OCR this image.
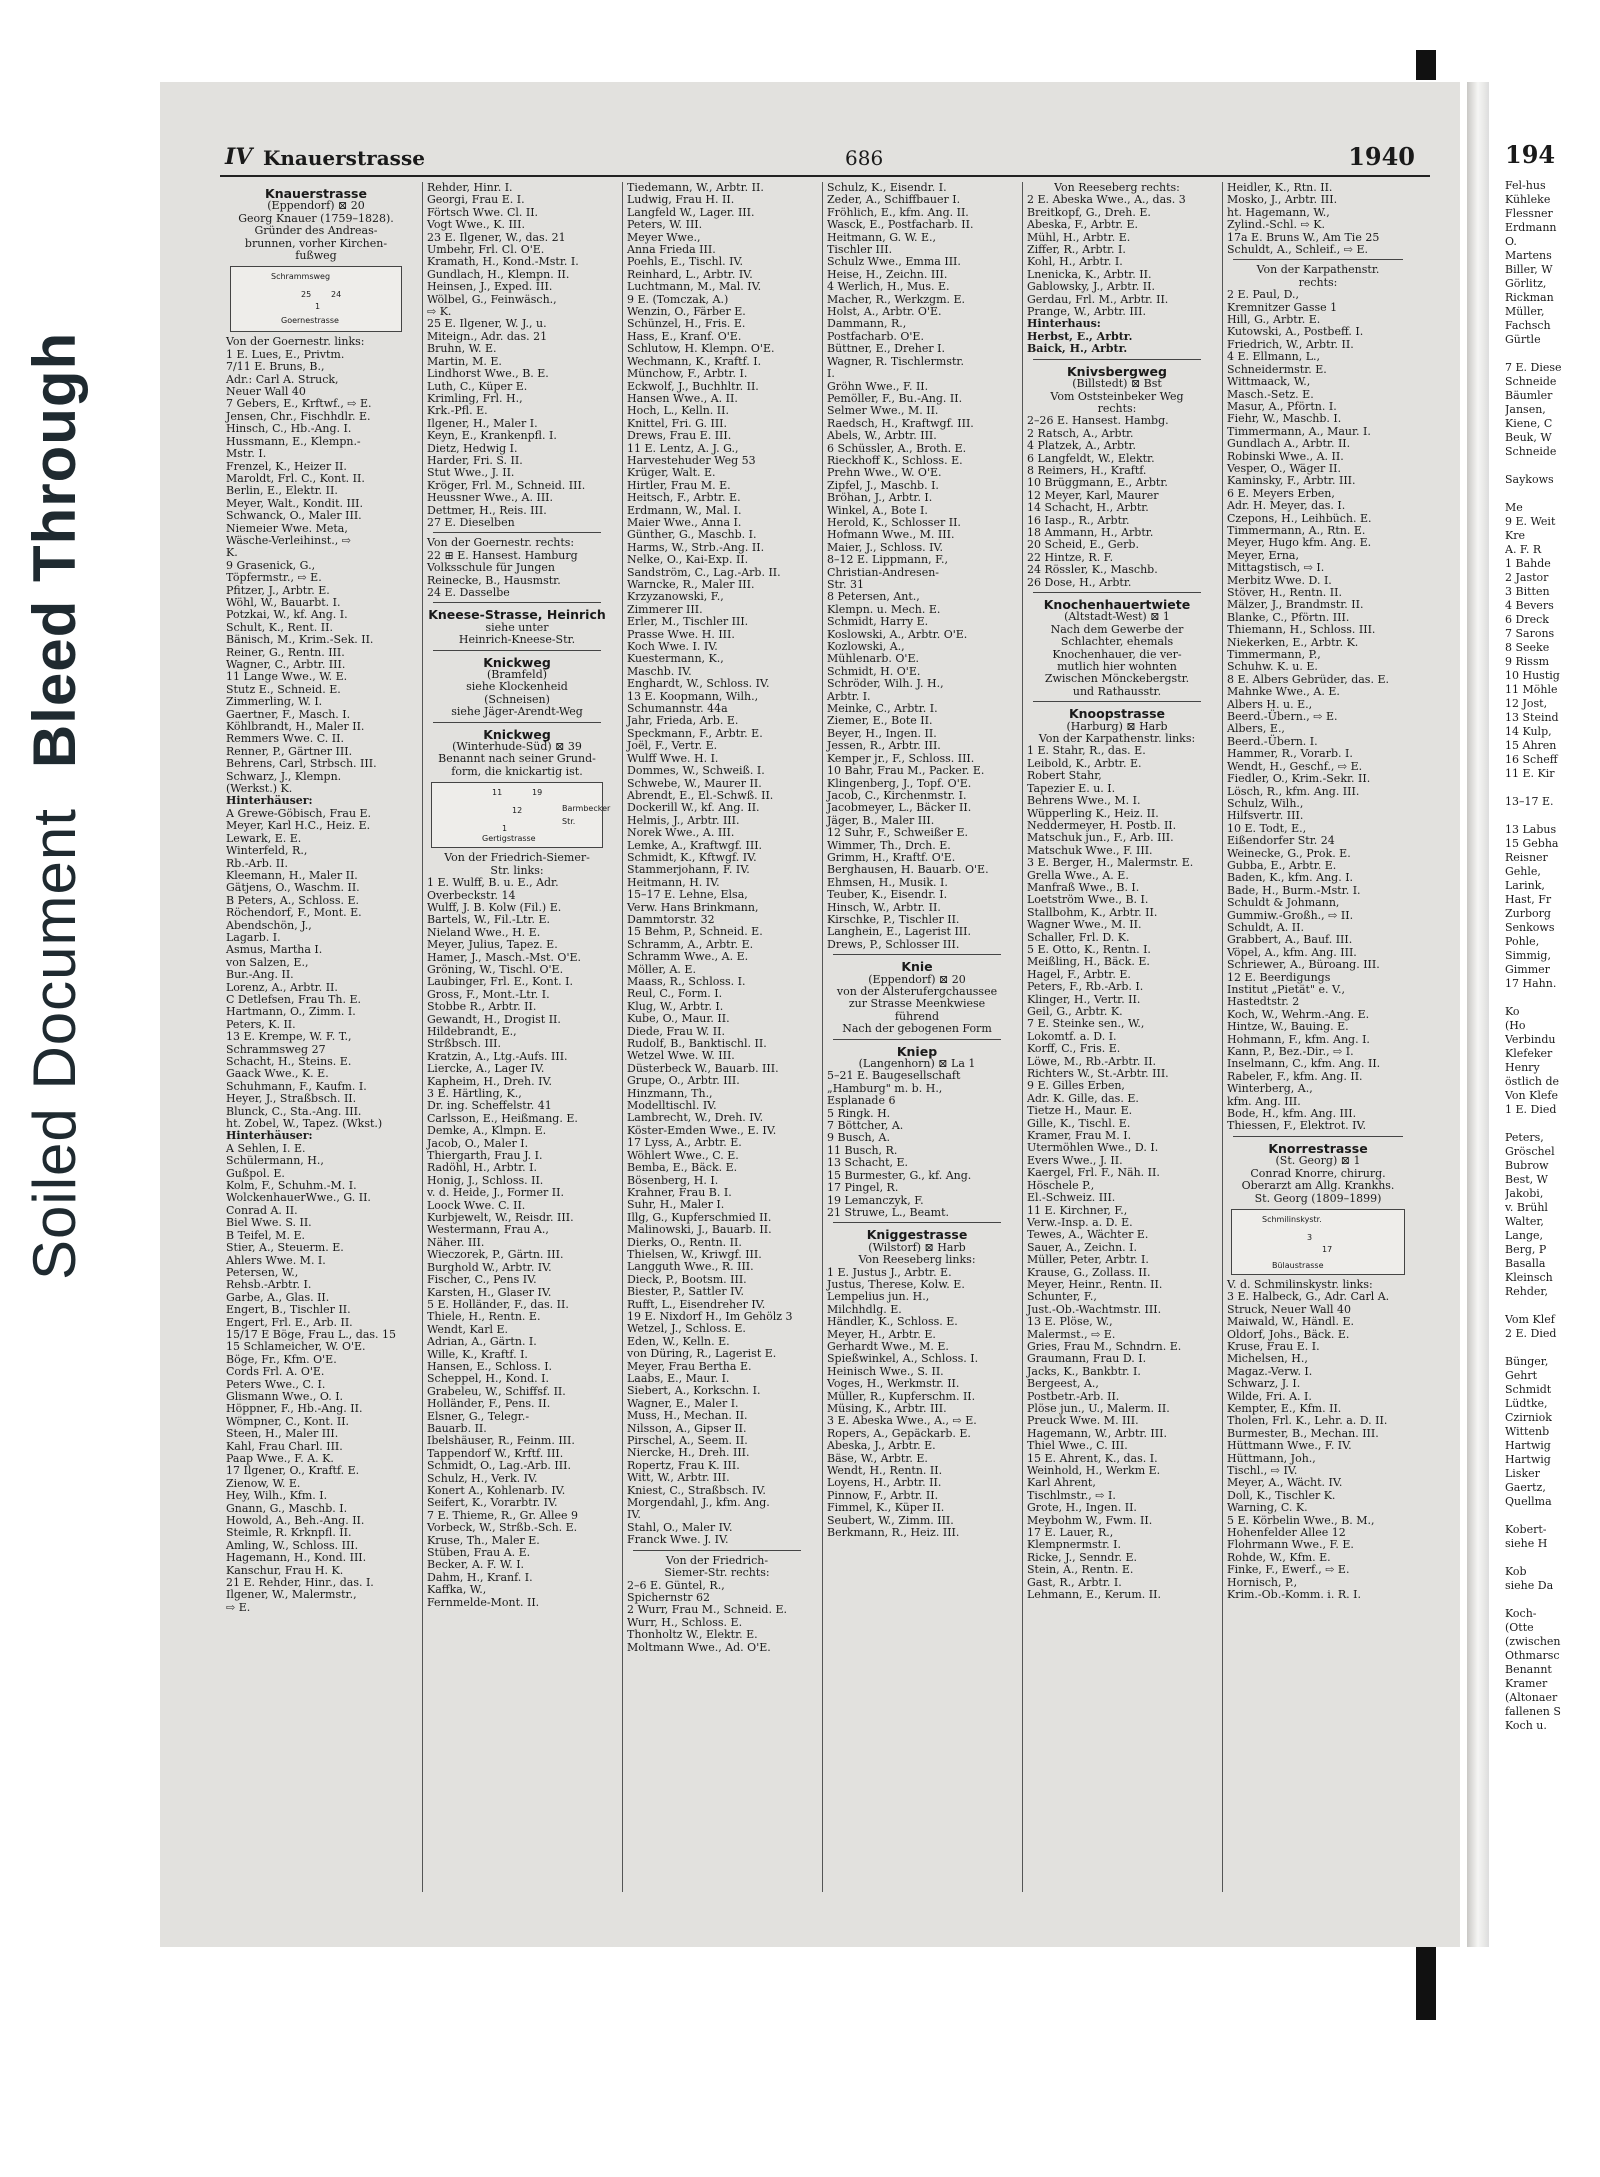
Soiled DocumentBleed Through
IV Knauerstrasse	686	1940
Knauerstrasse
(Eppendorf) ⊠ 20
Georg Knauer (1759–1828).
Gründer des Andreas-
brunnen, vorher Kirchen-
fußweg
Schrammsweg
Goernestrasse
25 24
1
Von der Goernestr. links:
1 E. Lues, E., Privtm.
7/11 E. Bruns, B.,
Adr.: Carl A. Struck,
Neuer Wall 40
7 Gebers, E., Krftwf., ⇨ E.
Jensen, Chr., Fischhdlr. E.
Hinsch, C., Hb.-Ang. I.
Hussmann, E., Klempn.-
Mstr. I.
Frenzel, K., Heizer II.
Maroldt, Frl. C., Kont. II.
Berlin, E., Elektr. II.
Meyer, Walt., Kondit. III.
Schwanck, O., Maler III.
Niemeier Wwe. Meta,
Wäsche-Verleihinst., ⇨
K.
9 Grasenick, G.,
Töpfermstr., ⇨ E.
Pfitzer, J., Arbtr. E.
Wöhl, W., Bauarbt. I.
Potzkai, W., kf. Ang. I.
Schult, K., Rent. II.
Bänisch, M., Krim.-Sek. II.
Reiner, G., Rentn. III.
Wagner, C., Arbtr. III.
11 Lange Wwe., W. E.
Stutz E., Schneid. E.
Zimmerling, W. I.
Gaertner, F., Masch. I.
Köhlbrandt, H., Maler II.
Remmers Wwe. C. II.
Renner, P., Gärtner III.
Behrens, Carl, Strbsch. III.
Schwarz, J., Klempn.
(Werkst.) K.
Hinterhäuser:
A Grewe-Göbisch, Frau E.
Meyer, Karl H.C., Heiz. E.
Lewark, E. E.
Winterfeld, R.,
Rb.-Arb. II.
Kleemann, H., Maler II.
Gätjens, O., Waschm. II.
B Peters, A., Schloss. E.
Röchendorf, F., Mont. E.
Abendschön, J.,
Lagarb. I.
Asmus, Martha I.
von Salzen, E.,
Bur.-Ang. II.
Lorenz, A., Arbtr. II.
C Detlefsen, Frau Th. E.
Hartmann, O., Zimm. I.
Peters, K. II.
13 E. Krempe, W. F. T.,
Schrammsweg 27
Schacht, H., Steins. E.
Gaack Wwe., K. E.
Schuhmann, F., Kaufm. I.
Heyer, J., Straßbsch. II.
Blunck, C., Sta.-Ang. III.
ht. Zobel, W., Tapez. (Wkst.)
Hinterhäuser:
A Sehlen, I. E.
Schülermann, H.,
Gußpol. E.
Kolm, F., Schuhm.-M. I.
WolckenhauerWwe., G. II.
Conrad A. II.
Biel Wwe. S. II.
B Teifel, M. E.
Stier, A., Steuerm. E.
Ahlers Wwe. M. I.
Petersen, W.,
Rehsb.-Arbtr. I.
Garbe, A., Glas. II.
Engert, B., Tischler II.
Engert, Frl. E., Arb. II.
15/17 E Böge, Frau L., das. 15
15 Schlameicher, W. O'E.
Böge, Fr., Kfm. O'E.
Cords Frl. A. O'E.
Peters Wwe., C. I.
Glismann Wwe., O. I.
Höppner, F., Hb.-Ang. II.
Wömpner, C., Kont. II.
Steen, H., Maler III.
Kahl, Frau Charl. III.
Paap Wwe., F. A. K.
17 Ilgener, O., Kraftf. E.
Zienow, W. E.
Hey, Wilh., Kfm. I.
Gnann, G., Maschb. I.
Howold, A., Beh.-Ang. II.
Steimle, R. Krknpfl. II.
Amling, W., Schloss. III.
Hagemann, H., Kond. III.
Kanschur, Frau H. K.
21 E. Rehder, Hinr., das. I.
Ilgener, W., Malermstr.,
⇨ E.
Rehder, Hinr. I.
Georgi, Frau E. I.
Förtsch Wwe. Cl. II.
Vogt Wwe., K. III.
23 E. Ilgener, W., das. 21
Umbehr, Frl. Cl. O'E.
Kramath, H., Kond.-Mstr. I.
Gundlach, H., Klempn. II.
Heinsen, J., Exped. III.
Wölbel, G., Feinwäsch.,
⇨ K.
25 E. Ilgener, W. J., u.
Miteign., Adr. das. 21
Bruhn, W. E.
Martin, M. E.
Lindhorst Wwe., B. E.
Luth, C., Küper E.
Krimling, Frl. H.,
Krk.-Pfl. E.
Ilgener, H., Maler I.
Keyn, E., Krankenpfl. I.
Dietz, Hedwig I.
Harder, Fri. S. II.
Stut Wwe., J. II.
Kröger, Frl. M., Schneid. III.
Heussner Wwe., A. III.
Dettmer, H., Reis. III.
27 E. Dieselben
Von der Goernestr. rechts:
22 ⊞ E. Hansest. Hamburg
Volksschule für Jungen
Reinecke, B., Hausmstr.
24 E. Dasselbe
Kneese-Strasse, Heinrich
siehe unter
Heinrich-Kneese-Str.
Knickweg
(Bramfeld)
siehe Klockenheid
(Schneisen)
siehe Jäger-Arendt-Weg
Knickweg
(Winterhude-Süd) ⊠ 39
Benannt nach seiner Grund-
form, die knickartig ist.
11	19
12	Barmbecker Str.
1
Gertigstrasse
Von der Friedrich-Siemer-
Str. links:
1 E. Wulff, B. u. E., Adr.
Overbeckstr. 14
Wulff, J. B. Kolw (Fil.) E.
Bartels, W., Fil.-Ltr. E.
Nieland Wwe., H. E.
Meyer, Julius, Tapez. E.
Hamer, J., Masch.-Mst. O'E.
Gröning, W., Tischl. O'E.
Laubinger, Frl. E., Kont. I.
Gross, F., Mont.-Ltr. I.
Stobbe R., Arbtr. II.
Gewandt, H., Drogist II.
Hildebrandt, E.,
Strßbsch. III.
Kratzin, A., Ltg.-Aufs. III.
Liercke, A., Lager IV.
Kapheim, H., Dreh. IV.
3 E. Härtling, K.,
Dr. ing. Scheffelstr. 41
Carlsson, E., Heißmang. E.
Demke, A., Klmpn. E.
Jacob, O., Maler I.
Thiergarth, Frau J. I.
Radöhl, H., Arbtr. I.
Honig, J., Schloss. II.
v. d. Heide, J., Former II.
Loock Wwe. C. II.
Kurbjewelt, W., Reisdr. III.
Westermann, Frau A.,
Näher. III.
Wieczorek, P., Gärtn. III.
Burghold W., Arbtr. IV.
Fischer, C., Pens IV.
Karsten, H., Glaser IV.
5 E. Holländer, F., das. II.
Thiele, H., Rentn. E.
Wendt, Karl E.
Adrian, A., Gärtn. I.
Wille, K., Kraftf. I.
Hansen, E., Schloss. I.
Scheppel, H., Kond. I.
Grabeleu, W., Schiffsf. II.
Holländer, F., Pens. II.
Elsner, G., Telegr.-
Bauarb. II.
Ibelshäuser, R., Feinm. III.
Tappendorf W., Krftf. III.
Schmidt, O., Lag.-Arb. III.
Schulz, H., Verk. IV.
Konert A., Kohlenarb. IV.
Seifert, K., Vorarbtr. IV.
7 E. Thieme, R., Gr. Allee 9
Vorbeck, W., Strßb.-Sch. E.
Kruse, Th., Maler E.
Stüben, Frau A. E.
Becker, A. F. W. I.
Dahm, H., Kranf. I.
Kaffka, W.,
Fernmelde-Mont. II.
Tiedemann, W., Arbtr. II.
Ludwig, Frau H. II.
Langfeld W., Lager. III.
Peters, W. III.
Meyer Wwe.,
Anna Frieda III.
Poehls, E., Tischl. IV.
Reinhard, L., Arbtr. IV.
Luchtmann, M., Mal. IV.
9 E. (Tomczak, A.)
Wenzin, O., Färber E.
Schünzel, H., Fris. E.
Hass, E., Kranf. O'E.
Schlutow, H. Klempn. O'E.
Wechmann, K., Kraftf. I.
Münchow, F., Arbtr. I.
Eckwolf, J., Buchhltr. II.
Hansen Wwe., A. II.
Hoch, L., Kelln. II.
Knittel, Fri. G. III.
Drews, Frau E. III.
11 E. Lentz, A. J. G.,
Harvestehuder Weg 53
Krüger, Walt. E.
Hirtler, Frau M. E.
Heitsch, F., Arbtr. E.
Erdmann, W., Mal. I.
Maier Wwe., Anna I.
Günther, G., Maschb. I.
Harms, W., Strb.-Ang. II.
Nelke, O., Kai-Exp. II.
Sandström, C., Lag.-Arb. II.
Warncke, R., Maler III.
Krzyzanowski, F.,
Zimmerer III.
Erler, M., Tischler III.
Prasse Wwe. H. III.
Koch Wwe. I. IV.
Kuestermann, K.,
Maschb. IV.
Enghardt, W., Schloss. IV.
13 E. Koopmann, Wilh.,
Schumannstr. 44a
Jahr, Frieda, Arb. E.
Speckmann, F., Arbtr. E.
Joël, F., Vertr. E.
Wulff Wwe. H. I.
Dommes, W., Schweiß. I.
Schwebe, W., Maurer II.
Abrendt, E., El.-Schwß. II.
Dockerill W., kf. Ang. II.
Helmis, J., Arbtr. III.
Norek Wwe., A. III.
Lemke, A., Kraftwgf. III.
Schmidt, K., Kftwgf. IV.
Stammerjohann, F. IV.
Heitmann, H. IV.
15–17 E. Lehne, Elsa,
Verw. Hans Brinkmann,
Dammtorstr. 32
15 Behm, P., Schneid. E.
Schramm, A., Arbtr. E.
Schramm Wwe., A. E.
Möller, A. E.
Maass, R., Schloss. I.
Reul, C., Form. I.
Klug, W., Arbtr. I.
Kube, O., Maur. II.
Diede, Frau W. II.
Rudolf, B., Banktischl. II.
Wetzel Wwe. W. III.
Düsterbeck W., Bauarb. III.
Grupe, O., Arbtr. III.
Hinzmann, Th.,
Modelltischl. IV.
Lambrecht, W., Dreh. IV.
Köster-Emden Wwe., E. IV.
17 Lyss, A., Arbtr. E.
Wöhlert Wwe., C. E.
Bemba, E., Bäck. E.
Bösenberg, H. I.
Krahner, Frau B. I.
Suhr, H., Maler I.
Illg, G., Kupferschmied II.
Malinowski, J., Bauarb. II.
Dierks, O., Rentn. II.
Thielsen, W., Kriwgf. III.
Langguth Wwe., R. III.
Dieck, P., Bootsm. III.
Biester, P., Sattler IV.
Rufft, L., Eisendreher IV.
19 E. Nixdorf H., Im Gehölz 3
Wetzel, J., Schloss. E.
Eden, W., Kelln. E.
von Düring, R., Lagerist E.
Meyer, Frau Bertha E.
Laabs, E., Maur. I.
Siebert, A., Korkschn. I.
Wagner, E., Maler I.
Muss, H., Mechan. II.
Nilsson, A., Gipser II.
Pirschel, A., Seem. II.
Niercke, H., Dreh. III.
Ropertz, Frau K. III.
Witt, W., Arbtr. III.
Kniest, C., Straßbsch. IV.
Morgendahl, J., kfm. Ang.
IV.
Stahl, O., Maler IV.
Franck Wwe. J. IV.
Von der Friedrich-
Siemer-Str. rechts:
2–6 E. Güntel, R.,
Spichernstr 62
2 Wurr, Frau M., Schneid. E.
Wurr, H., Schloss. E.
Thonholtz W., Elektr. E.
Moltmann Wwe., Ad. O'E.
Schulz, K., Eisendr. I.
Zeder, A., Schiffbauer I.
Fröhlich, E., kfm. Ang. II.
Wasck, E., Postfacharb. II.
Heitmann, G. W. E.,
Tischler III.
Schulz Wwe., Emma III.
Heise, H., Zeichn. III.
4 Werlich, H., Mus. E.
Macher, R., Werkzgm. E.
Holst, A., Arbtr. O'E.
Dammann, R.,
Postfacharb. O'E.
Büttner, E., Dreher I.
Wagner, R. Tischlermstr.
I.
Gröhn Wwe., F. II.
Pemöller, F., Bu.-Ang. II.
Selmer Wwe., M. II.
Raedsch, H., Kraftwgf. III.
Abels, W., Arbtr. III.
6 Schüssler, A., Broth. E.
Rieckhoff K., Schloss. E.
Prehn Wwe., W. O'E.
Zipfel, J., Maschb. I.
Bröhan, J., Arbtr. I.
Winkel, A., Bote I.
Herold, K., Schlosser II.
Hofmann Wwe., M. III.
Maier, J., Schloss. IV.
8–12 E. Lippmann, F.,
Christian-Andresen-
Str. 31
8 Petersen, Ant.,
Klempn. u. Mech. E.
Schmidt, Harry E.
Koslowski, A., Arbtr. O'E.
Kozlowski, A.,
Mühlenarb. O'E.
Schmidt, H. O'E.
Schröder, Wilh. J. H.,
Arbtr. I.
Meinke, C., Arbtr. I.
Ziemer, E., Bote II.
Beyer, H., Ingen. II.
Jessen, R., Arbtr. III.
Kemper jr., F., Schloss. III.
10 Bahr, Frau M., Packer. E.
Klingenberg, J., Topf. O'E.
Jacob, C., Kirchenmstr. I.
Jacobmeyer, L., Bäcker II.
Jäger, B., Maler III.
12 Suhr, F., Schweißer E.
Wimmer, Th., Drch. E.
Grimm, H., Kraftf. O'E.
Berghausen, H. Bauarb. O'E.
Ehmsen, H., Musik. I.
Teuber, K., Eisendr. I.
Hinsch, W., Arbtr. II.
Kirschke, P., Tischler II.
Langhein, E., Lagerist III.
Drews, P., Schlosser III.
Knie
(Eppendorf) ⊠ 20
von der Alsterufergchaussee
zur Strasse Meenkwiese
führend
Nach der gebogenen Form
Kniep
(Langenhorn) ⊠ La 1
5–21 E. Baugesellschaft
„Hamburg" m. b. H.,
Esplanade 6
5 Ringk. H.
7 Böttcher, A.
9 Busch, A.
11 Busch, R.
13 Schacht, E.
15 Burmester, G., kf. Ang.
17 Pingel, R.
19 Lemanczyk, F.
21 Struwe, L., Beamt.
Kniggestrasse
(Wilstorf) ⊠ Harb
Von Reeseberg links:
1 E. Justus J., Arbtr. E.
Justus, Therese, Kolw. E.
Lempelius jun. H.,
Milchhdlg. E.
Händler, K., Schloss. E.
Meyer, H., Arbtr. E.
Gerhardt Wwe., M. E.
Spießwinkel, A., Schloss. I.
Heinisch Wwe., S. II.
Voges, H., Werkmstr. II.
Müller, R., Kupferschm. II.
Müsing, K., Arbtr. III.
3 E. Abeska Wwe., A., ⇨ E.
Ropers, A., Gepäckarb. E.
Abeska, J., Arbtr. E.
Bäse, W., Arbtr. E.
Wendt, H., Rentn. II.
Loyens, H., Arbtr. II.
Pinnow, F., Arbtr. II.
Fimmel, K., Küper II.
Seubert, W., Zimm. III.
Berkmann, R., Heiz. III.
Von Reeseberg rechts:
2 E. Abeska Wwe., A., das. 3
Breitkopf, G., Dreh. E.
Abeska, F., Arbtr. E.
Mühl, H., Arbtr. E.
Ziffer, R., Arbtr. I.
Kohl, H., Arbtr. I.
Lnenicka, K., Arbtr. II.
Gablowsky, J., Arbtr. II.
Gerdau, Frl. M., Arbtr. II.
Prange, W., Arbtr. III.
Hinterhaus:
Herbst, E., Arbtr.
Baick, H., Arbtr.
Knivsbergweg
(Billstedt) ⊠ Bst
Vom Oststeinbeker Weg
rechts:
2–26 E. Hansest. Hambg.
2 Ratsch, A., Arbtr.
4 Platzek, A., Arbtr.
6 Langfeldt, W., Elektr.
8 Reimers, H., Kraftf.
10 Brüggmann, E., Arbtr.
12 Meyer, Karl, Maurer
14 Schacht, H., Arbtr.
16 Iasp., R., Arbtr.
18 Ammann, H., Arbtr.
20 Scheid, E., Gerb.
22 Hintze, R. F.
24 Rössler, K., Maschb.
26 Dose, H., Arbtr.
Knochenhauertwiete
(Altstadt-West) ⊠ 1
Nach dem Gewerbe der
Schlachter, ehemals
Knochenhauer, die ver-
mutlich hier wohnten
Zwischen Mönckebergstr.
und Rathausstr.
Knoopstrasse
(Harburg) ⊠ Harb
Von der Karpathenstr. links:
1 E. Stahr, R., das. E.
Leibold, K., Arbtr. E.
Robert Stahr,
Tapezier E. u. I.
Behrens Wwe., M. I.
Wüpperling K., Heiz. II.
Neddermeyer, H. Postb. II.
Matschuk jun., F., Arb. III.
Matschuk Wwe., F. III.
3 E. Berger, H., Malermstr. E.
Grella Wwe., A. E.
Manfraß Wwe., B. I.
Loetström Wwe., B. I.
Stallbohm, K., Arbtr. II.
Wagner Wwe., M. II.
Schaller, Frl. D. K.
5 E. Otto, K., Rentn. I.
Meißling, H., Bäck. E.
Hagel, F., Arbtr. E.
Peters, F., Rb.-Arb. I.
Klinger, H., Vertr. II.
Geil, G., Arbtr. K.
7 E. Steinke sen., W.,
Lokomtf. a. D. I.
Korff, C., Fris. E.
Löwe, M., Rb.-Arbtr. II.
Richters W., St.-Arbtr. III.
9 E. Gilles Erben,
Adr. K. Gille, das. E.
Tietze H., Maur. E.
Gille, K., Tischl. E.
Kramer, Frau M. I.
Utermöhlen Wwe., D. I.
Evers Wwe., J. II.
Kaergel, Frl. F., Näh. II.
Höschele P.,
El.-Schweiz. III.
11 E. Kirchner, F.,
Verw.-Insp. a. D. E.
Tewes, A., Wächter E.
Sauer, A., Zeichn. I.
Müller, Peter, Arbtr. I.
Krause, G., Zollass. II.
Meyer, Heinr., Rentn. II.
Schunter, F.,
Just.-Ob.-Wachtmstr. III.
13 E. Plöse, W.,
Malermst., ⇨ E.
Gries, Frau M., Schndrn. E.
Graumann, Frau D. I.
Jacks, K., Bankbtr. I.
Bergeest, A.,
Postbetr.-Arb. II.
Plöse jun., U., Malerm. II.
Preuck Wwe. M. III.
Hagemann, W., Arbtr. III.
Thiel Wwe., C. III.
15 E. Ahrent, K., das. I.
Weinhold, H., Werkm E.
Karl Ahrent,
Tischlmstr., ⇨ I.
Grote, H., Ingen. II.
Meybohm W., Fwm. II.
17 E. Lauer, R.,
Klempnermstr. I.
Ricke, J., Senndr. E.
Stein, A., Rentn. E.
Gast, R., Arbtr. I.
Lehmann, E., Kerum. II.
Heidler, K., Rtn. II.
Mosko, J., Arbtr. III.
ht. Hagemann, W.,
Zylind.-Schl. ⇨ K.
17a E. Bruns W., Am Tie 25
Schuldt, A., Schleif., ⇨ E.
Von der Karpathenstr.
rechts:
2 E. Paul, D.,
Kremnitzer Gasse 1
Hill, G., Arbtr. E.
Kutowski, A., Postbeff. I.
Friedrich, W., Arbtr. II.
4 E. Ellmann, L.,
Schneidermstr. E.
Wittmaack, W.,
Masch.-Setz. E.
Masur, A., Pförtn. I.
Fiehr, W., Maschb. I.
Timmermann, A., Maur. I.
Gundlach A., Arbtr. II.
Robinski Wwe., A. II.
Vesper, O., Wäger II.
Kaminsky, F., Arbtr. III.
6 E. Meyers Erben,
Adr. H. Meyer, das. I.
Czepons, H., Leihbüch. E.
Timmermann, A., Rtn. E.
Meyer, Hugo kfm. Ang. E.
Meyer, Erna,
Mittagstisch, ⇨ I.
Merbitz Wwe. D. I.
Stöver, H., Rentn. II.
Mälzer, J., Brandmstr. II.
Blanke, C., Pförtn. III.
Thiemann, H., Schloss. III.
Niekerken, E., Arbtr. K.
Timmermann, P.,
Schuhw. K. u. E.
8 E. Albers Gebrüder, das. E.
Mahnke Wwe., A. E.
Albers H. u. E.,
Beerd.-Übern., ⇨ E.
Albers, E.,
Beerd.-Übern. I.
Hammer, R., Vorarb. I.
Wendt, H., Geschf., ⇨ E.
Fiedler, O., Krim.-Sekr. II.
Lösch, R., kfm. Ang. III.
Schulz, Wilh.,
Hilfsvertr. III.
10 E. Todt, E.,
Eißendorfer Str. 24
Weinecke, G., Prok. E.
Gubba, E., Arbtr. E.
Baden, K., kfm. Ang. I.
Bade, H., Burm.-Mstr. I.
Schuldt & Johmann,
Gummiw.-Großh., ⇨ II.
Schuldt, A. II.
Grabbert, A., Bauf. III.
Vöpel, A., kfm. Ang. III.
Schriewer, A., Büroang. III.
12 E. Beerdigungs
Institut „Pietät" e. V.,
Hastedtstr. 2
Koch, W., Wehrm.-Ang. E.
Hintze, W., Bauing. E.
Hohmann, F., kfm. Ang. I.
Kann, P., Bez.-Dir., ⇨ I.
Inselmann, C., kfm. Ang. II.
Rabeler, F., kfm. Ang. II.
Winterberg, A.,
kfm. Ang. III.
Bode, H., kfm. Ang. III.
Thiessen, F., Elektrot. IV.
Knorrestrasse
(St. Georg) ⊠ 1
Conrad Knorre, chirurg.
Oberarzt am Allg. Krankhs.
St. Georg (1809–1899)
Schmilinskystr.
3
17
Bülaustrasse
V. d. Schmilinskystr. links:
3 E. Halbeck, G., Adr. Carl A.
Struck, Neuer Wall 40
Maiwald, W., Händl. E.
Oldorf, Johs., Bäck. E.
Kruse, Frau E. I.
Michelsen, H.,
Magaz.-Verw. I.
Schwarz, J. I.
Wilde, Fri. A. I.
Kempter, E., Kfm. II.
Tholen, Frl. K., Lehr. a. D. II.
Burmester, B., Mechan. III.
Hüttmann Wwe., F. IV.
Hüttmann, Joh.,
Tischl., ⇨ IV.
Meyer, A., Wächt. IV.
Doll, K., Tischler K.
Warning, C. K.
5 E. Körbelin Wwe., B. M.,
Hohenfelder Allee 12
Flohrmann Wwe., F. E.
Rohde, W., Kfm. E.
Finke, F., Ewerf., ⇨ E.
Hornisch, P.,
Krim.-Ob.-Komm. i. R. I.
194
Fel-hus
Kühleke
Flessner
Erdmann
O.
Martens
Biller, W
Görlitz,
Rickman
Müller,
Fachsch
Gürtle

7 E. Diese
Schneide
Bäumler
Jansen,
Kiene, C
Beuk, W
Schneide

Saykows

Me
9 E. Weit
Kre
A. F. R
1 Bahde
2 Jastor
3 Bitten
4 Bevers
6 Dreck
7 Sarons
8 Seeke
9 Rissm
10 Hustig
11 Möhle
12 Jost,
13 Steind
14 Kulp,
15 Ahren
16 Scheff
11 E. Kir

13–17 E.

13 Labus
15 Gebha
Reisner
Gehle,
Larink,
Hast, Fr
Zurborg
Senkows
Pohle,
Simmig,
Gimmer
17 Hahn.

Ko
(Ho
Verbindu
Klefeker
Henry
östlich de
Von Klefe
1 E. Died

Peters,
Gröschel
Bubrow
Best, W
Jakobi,
v. Brühl
Walter,
Lange,
Berg, P
Basalla
Kleinsch
Rehder,

Vom Klef
2 E. Died

Bünger,
Gehrt
Schmidt
Lüdtke,
Czirniok
Wittenb
Hartwig
Hartwig
Lisker
Gaertz,
Quellma

Kobert-
siehe H

Kob
siehe Da

Koch-
(Otte
(zwischen
Othmarsc
Benannt
Kramer
(Altonaer
fallenen S
Koch u.
